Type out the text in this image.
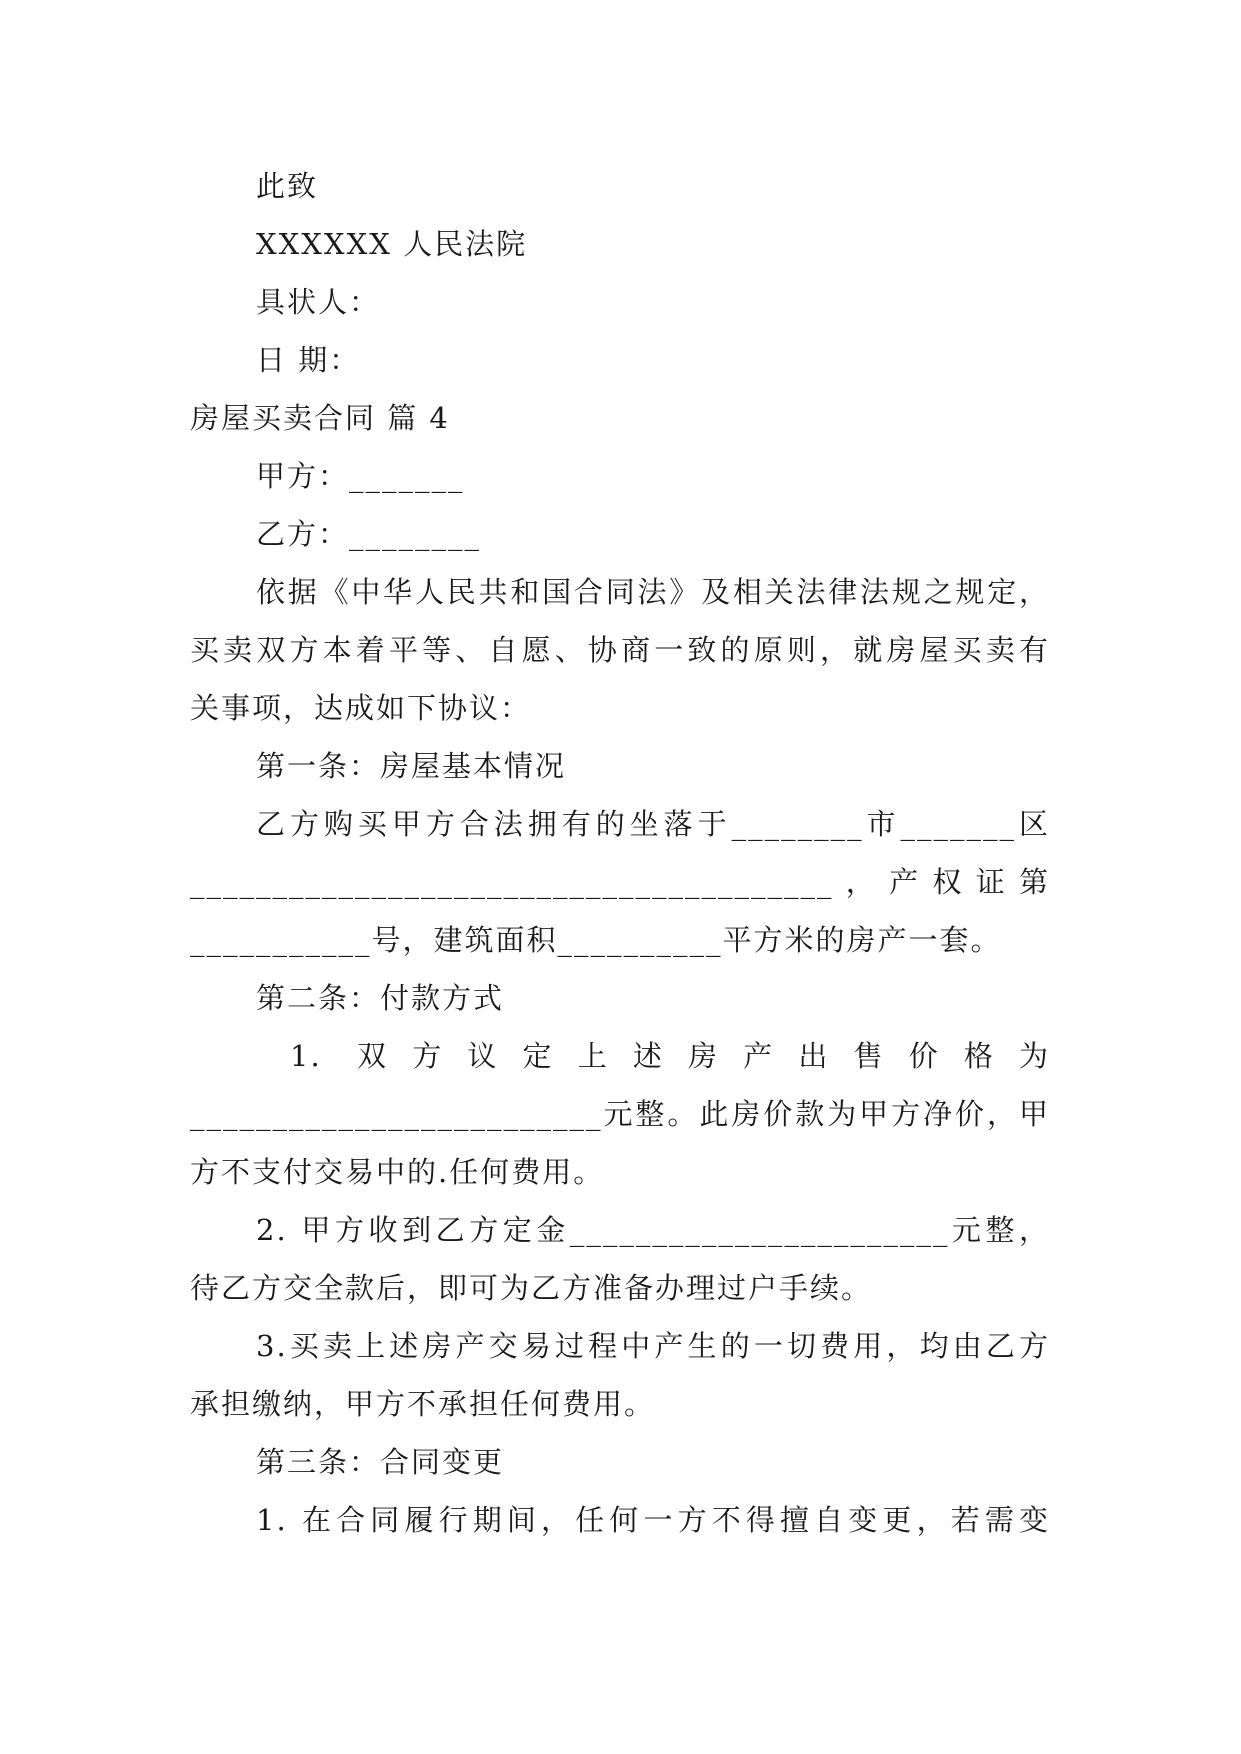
此致
XXXXXX 人民法院
具状人：
日 期：
房屋买卖合同 篇 4
甲方：_______
乙方：________
依据《中华人民共和国合同法》及相关法律法规之规定，
买卖双方本着平等、自愿、协商一致的原则，就房屋买卖有
关事项，达成如下协议：
第一条：房屋基本情况
乙方购买甲方合法拥有的坐落于________市_______区
_______________________________________，产权证第
___________号，建筑面积__________平方米的房产一套。
第二条：付款方式
1. 双方议定上述房产出售价格为
_________________________元整。此房价款为甲方净价，甲
方不支付交易中的.任何费用。
2. 甲方收到乙方定金_______________________元整，
待乙方交全款后，即可为乙方准备办理过户手续。
3.买卖上述房产交易过程中产生的一切费用，均由乙方
承担缴纳，甲方不承担任何费用。
第三条：合同变更
1. 在合同履行期间，任何一方不得擅自变更，若需变
